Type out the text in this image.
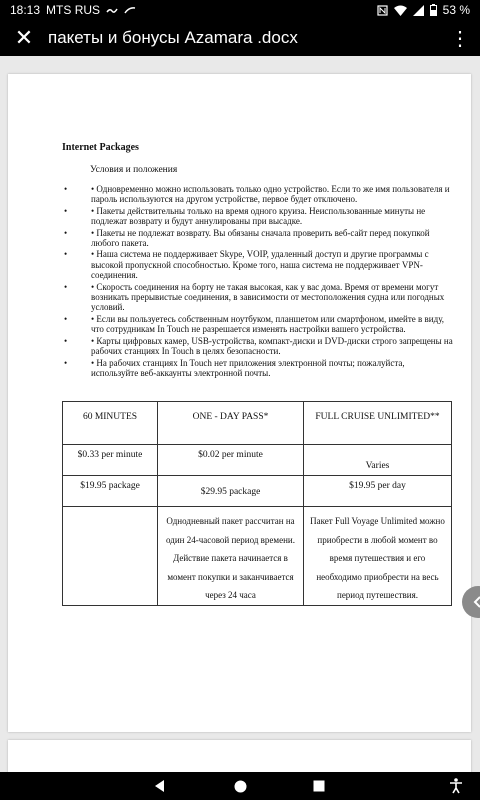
18:13 MTS RUS	53 %
✕ пакеты и бонусы Azamara .docx	⋮
Internet Packages
Условия и положения
•	• Одновременно можно использовать только одно устройство. Если то же имя пользователя и пароль используются на другом устройстве, первое будет отключено.
•	• Пакеты действительны только на время одного круиза. Неиспользованные минуты не подлежат возврату и будут аннулированы при высадке.
•	• Пакеты не подлежат возврату. Вы обязаны сначала проверить веб-сайт перед покупкой любого пакета.
•	• Наша система не поддерживает Skype, VOIP, удаленный доступ и другие программы с высокой пропускной способностью. Кроме того, наша система не поддерживает VPN-соединения.
•	• Скорость соединения на борту не такая высокая, как у вас дома. Время от времени могут возникать прерывистые соединения, в зависимости от местоположения судна или погодных условий.
•	• Если вы пользуетесь собственным ноутбуком, планшетом или смартфоном, имейте в виду, что сотрудникам In Touch не разрешается изменять настройки вашего устройства.
•	• Карты цифровых камер, USB-устройства, компакт-диски и DVD-диски строго запрещены на рабочих станциях In Touch в целях безопасности.
•	• На рабочих станциях In Touch нет приложения электронной почты; пожалуйста, используйте веб-аккаунты электронной почты.
60 MINUTES	ONE - DAY PASS*	FULL CRUISE UNLIMITED**

$0.33 per minute	$0.02 per minute	Varies

$19.95 package	$29.95 package	$19.95 per day

	Однодневный пакет рассчитан на один 24-часовой период времени. Действие пакета начинается в момент покупки и заканчивается через 24 часа	Пакет Full Voyage Unlimited можно приобрести в любой момент во время путешествия и его необходимо приобрести на весь период путешествия.
